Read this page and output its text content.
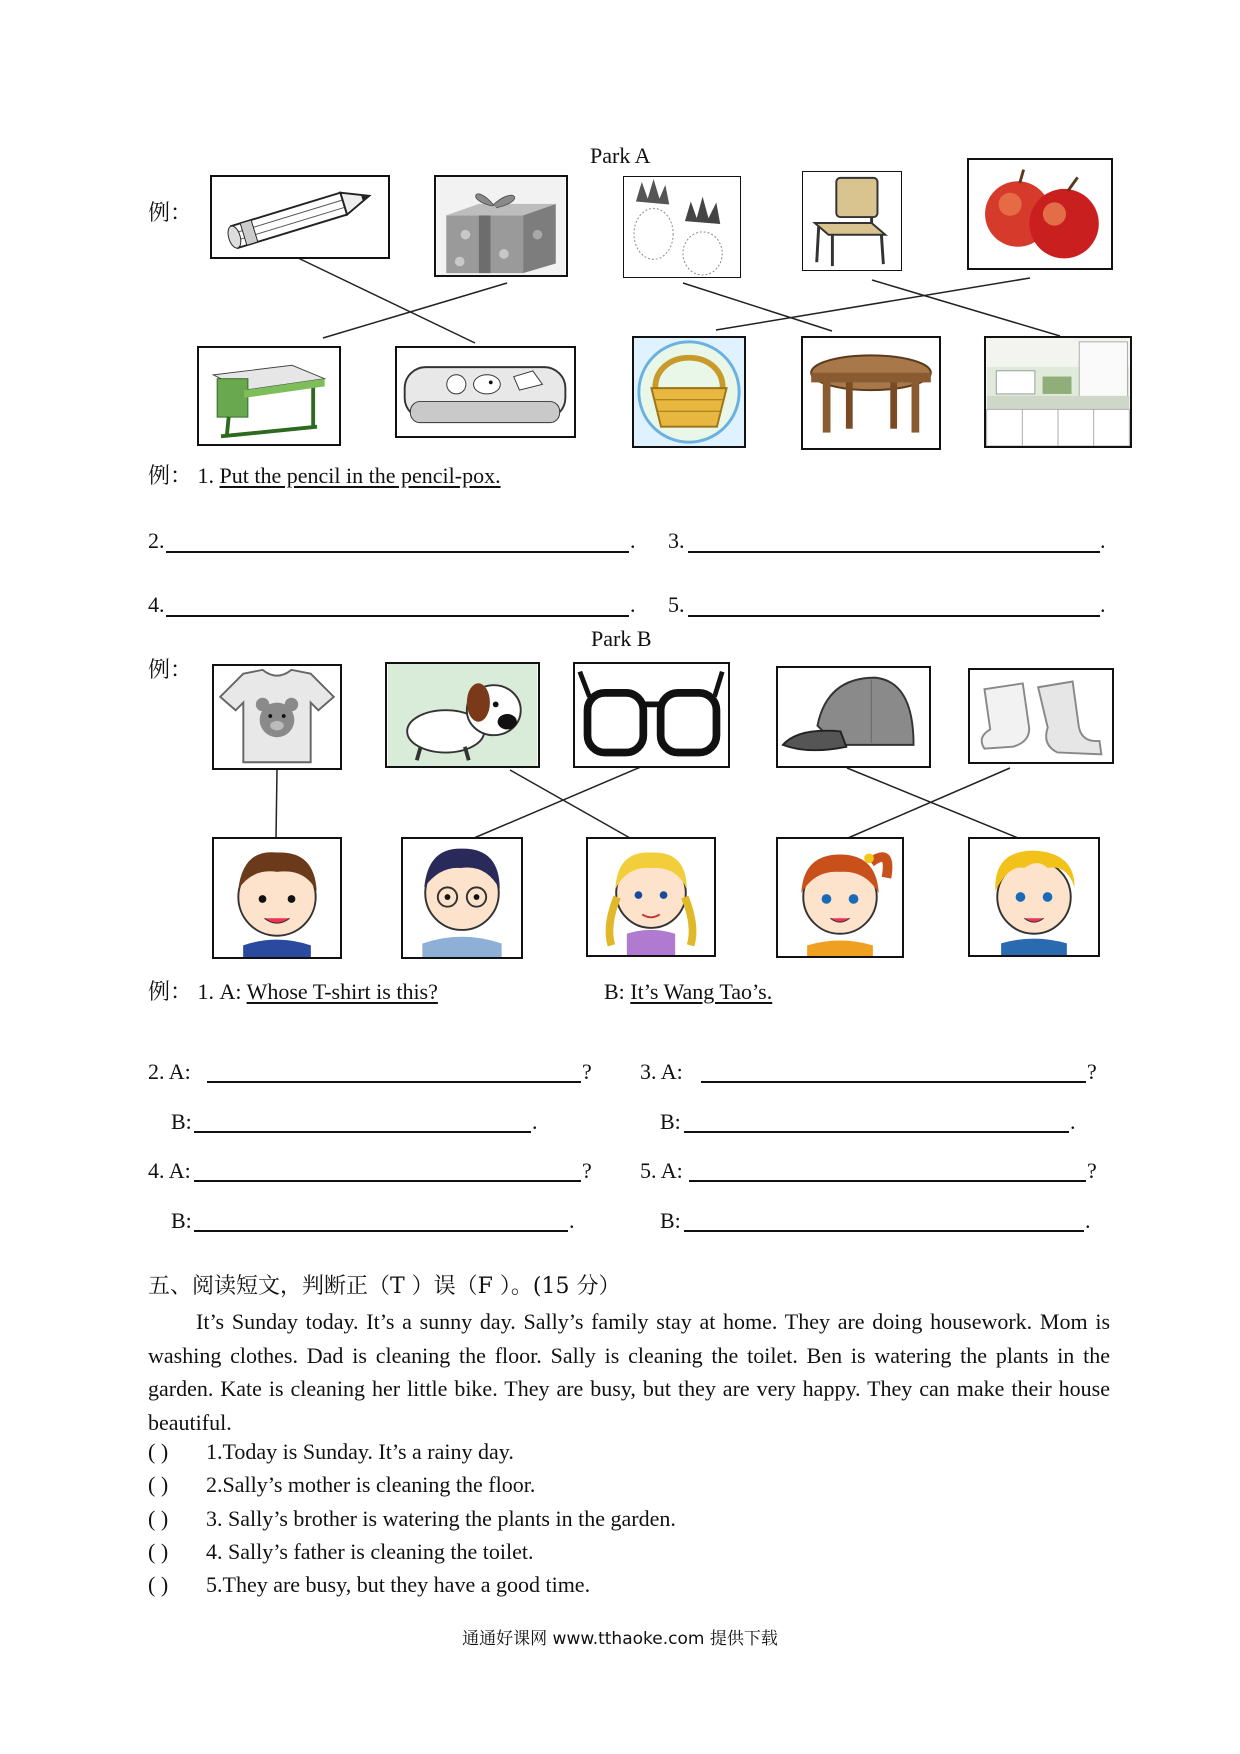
Park A
例：
例： 1. Put the pencil in the pencil-pox.
2.	. 3.	.
4.	. 5.	.
Park B
例：
例： 1. A: Whose T-shirt is this?	B: It’s Wang Tao’s.
2. A:	? 3. A:	?
B:	.	B:	.
4. A:	? 5. A:	?
B:	.	B:	.
五、阅读短文，判断正（T ）误（F ）。(15 分）
It’s Sunday today. It’s a sunny day. Sally’s family stay at home. They are doing housework. Mom is washing clothes. Dad is cleaning the floor. Sally is cleaning the toilet. Ben is watering the plants in the garden. Kate is cleaning her little bike. They are busy, but they are very happy. They can make their house beautiful.
( ) 1.Today is Sunday. It’s a rainy day.
( ) 2.Sally’s mother is cleaning the floor.
( ) 3. Sally’s brother is watering the plants in the garden.
( ) 4. Sally’s father is cleaning the toilet.
( ) 5.They are busy, but they have a good time.
通通好课网 www.tthaoke.com 提供下载
